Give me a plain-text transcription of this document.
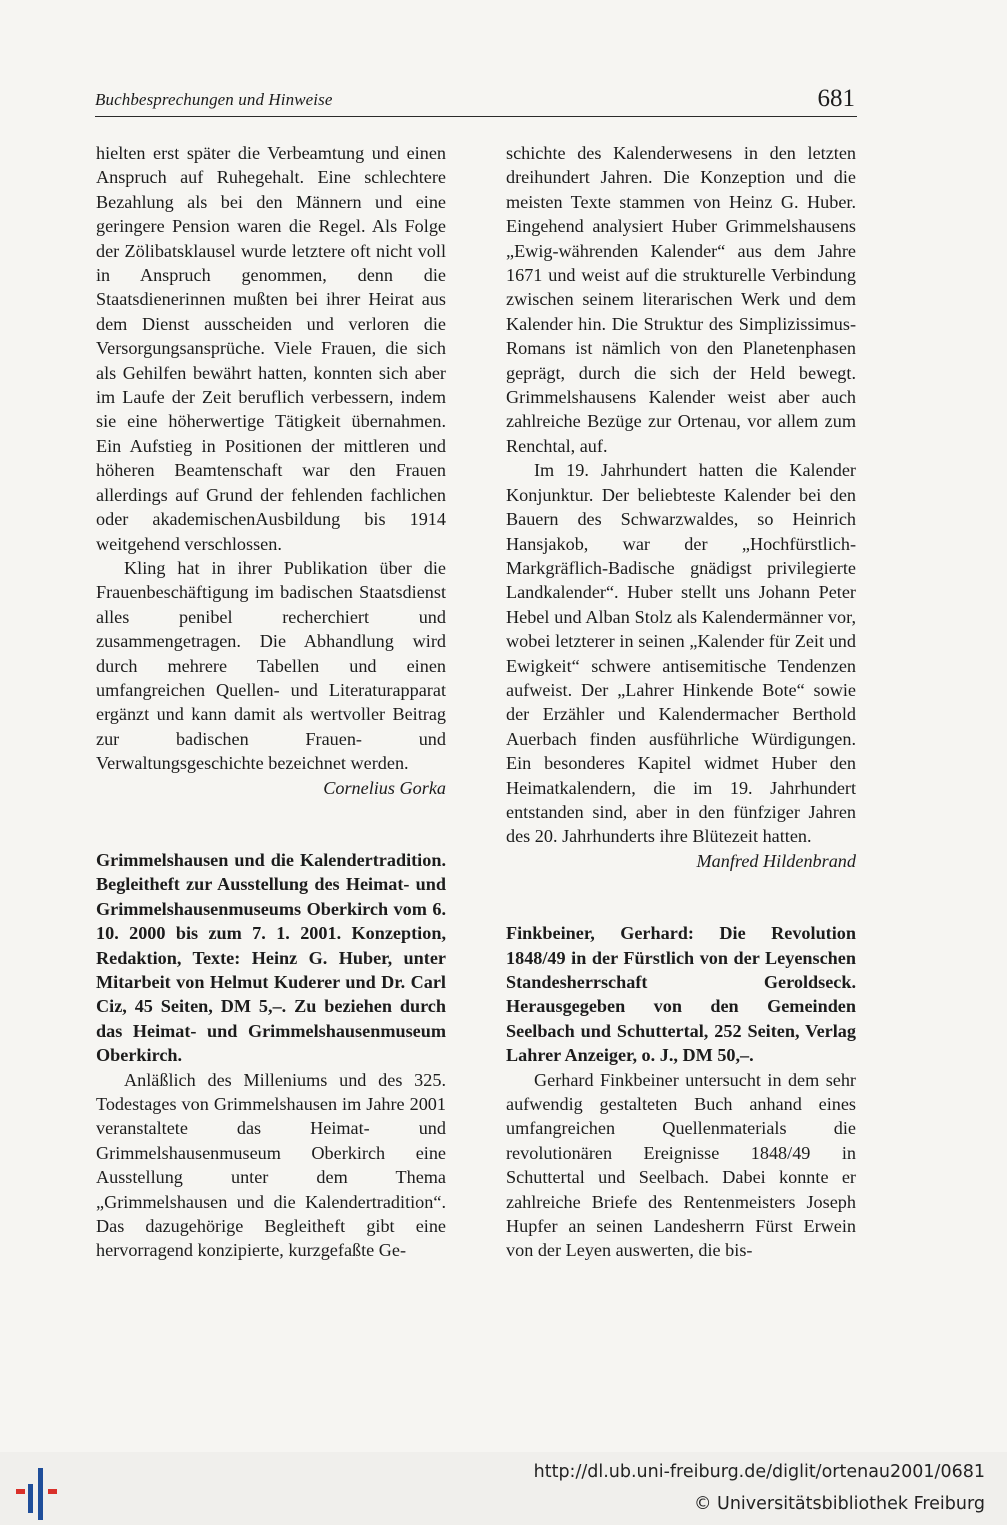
Buchbesprechungen und Hinweise	681

hielten erst später die Verbeamtung und einen Anspruch auf Ruhegehalt. Eine schlechtere Bezahlung als bei den Männern und eine geringere Pension waren die Regel. Als Folge der Zölibatsklausel wurde letztere oft nicht voll in Anspruch genommen, denn die Staatsdienerinnen mußten bei ihrer Heirat aus dem Dienst ausscheiden und verloren die Versorgungsansprüche. Viele Frauen, die sich als Gehilfen bewährt hatten, konnten sich aber im Laufe der Zeit beruflich verbessern, indem sie eine höherwertige Tätigkeit übernahmen. Ein Aufstieg in Positionen der mittleren und höheren Beamtenschaft war den Frauen allerdings auf Grund der fehlenden fachlichen oder akademischenAusbildung bis 1914 weitgehend verschlossen.

Kling hat in ihrer Publikation über die Frauenbeschäftigung im badischen Staatsdienst alles penibel recherchiert und zusammengetragen. Die Abhandlung wird durch mehrere Tabellen und einen umfangreichen Quellen- und Literaturapparat ergänzt und kann damit als wertvoller Beitrag zur badischen Frauen- und Verwaltungsgeschichte bezeichnet werden.

Cornelius Gorka

Grimmelshausen und die Kalendertradition. Begleitheft zur Ausstellung des Heimat- und Grimmelshausenmuseums Oberkirch vom 6. 10. 2000 bis zum 7. 1. 2001. Konzeption, Redaktion, Texte: Heinz G. Huber, unter Mitarbeit von Helmut Kuderer und Dr. Carl Ciz, 45 Seiten, DM 5,–. Zu beziehen durch das Heimat- und Grimmelshausenmuseum Oberkirch.

Anläßlich des Milleniums und des 325. Todestages von Grimmelshausen im Jahre 2001 veranstaltete das Heimat- und Grimmelshausenmuseum Oberkirch eine Ausstellung unter dem Thema „Grimmelshausen und die Kalendertradition“. Das dazugehörige Begleitheft gibt eine hervorragend konzipierte, kurzgefaßte Ge-

schichte des Kalenderwesens in den letzten dreihundert Jahren. Die Konzeption und die meisten Texte stammen von Heinz G. Huber. Eingehend analysiert Huber Grimmelshausens „Ewig-währenden Kalender“ aus dem Jahre 1671 und weist auf die strukturelle Verbindung zwischen seinem literarischen Werk und dem Kalender hin. Die Struktur des Simplizissimus-Romans ist nämlich von den Planetenphasen geprägt, durch die sich der Held bewegt. Grimmelshausens Kalender weist aber auch zahlreiche Bezüge zur Ortenau, vor allem zum Renchtal, auf.

Im 19. Jahrhundert hatten die Kalender Konjunktur. Der beliebteste Kalender bei den Bauern des Schwarzwaldes, so Heinrich Hansjakob, war der „Hochfürstlich-Markgräflich-Badische gnädigst privilegierte Landkalender“. Huber stellt uns Johann Peter Hebel und Alban Stolz als Kalendermänner vor, wobei letzterer in seinen „Kalender für Zeit und Ewigkeit“ schwere antisemitische Tendenzen aufweist. Der „Lahrer Hinkende Bote“ sowie der Erzähler und Kalendermacher Berthold Auerbach finden ausführliche Würdigungen. Ein besonderes Kapitel widmet Huber den Heimatkalendern, die im 19. Jahrhundert entstanden sind, aber in den fünfziger Jahren des 20. Jahrhunderts ihre Blütezeit hatten.

Manfred Hildenbrand

Finkbeiner, Gerhard: Die Revolution 1848/49 in der Fürstlich von der Leyenschen Standesherrschaft Geroldseck. Herausgegeben von den Gemeinden Seelbach und Schuttertal, 252 Seiten, Verlag Lahrer Anzeiger, o. J., DM 50,–.

Gerhard Finkbeiner untersucht in dem sehr aufwendig gestalteten Buch anhand eines umfangreichen Quellenmaterials die revolutionären Ereignisse 1848/49 in Schuttertal und Seelbach. Dabei konnte er zahlreiche Briefe des Rentenmeisters Joseph Hupfer an seinen Landesherrn Fürst Erwein von der Leyen auswerten, die bis-

http://dl.ub.uni-freiburg.de/diglit/ortenau2001/0681
© Universitätsbibliothek Freiburg
